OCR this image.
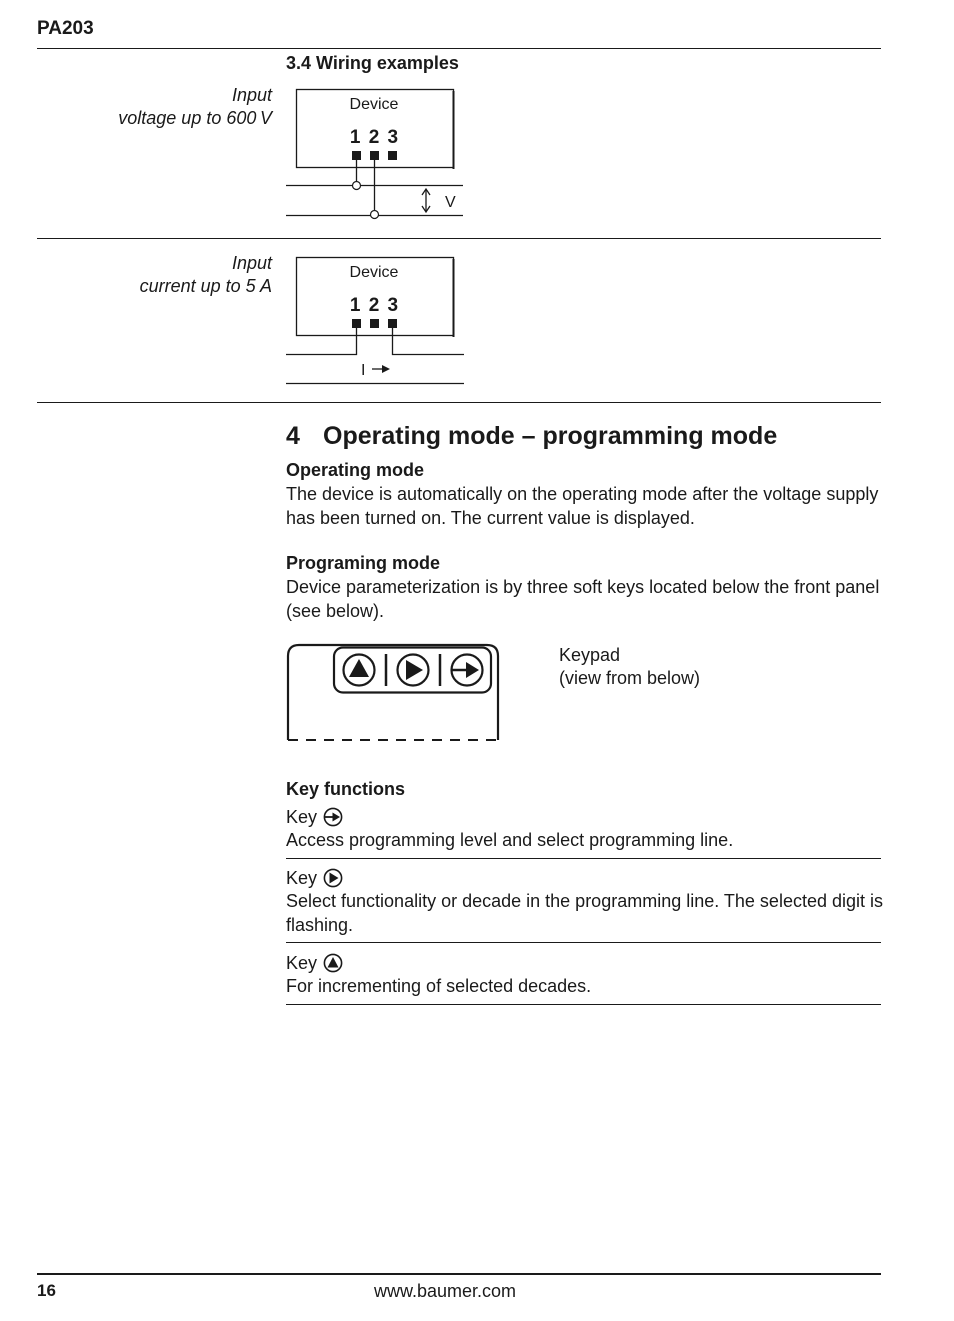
PA203
3.4 Wiring examples
Input
voltage up to 600 V
Device
1 2 3
V
Input
current up to 5 A
Device
1 2 3
I
4 Operating mode – programming mode
Operating mode
The device is automatically on the operating mode after the voltage supply has been turned on. The current value is displayed.
Programing mode
Device parameterization is by three soft keys located below the front panel (see below).
Keypad
(view from below)
Key functions
Key
Access programming level and select programming line.
Key
Select functionality or decade in the programming line. The selected digit is flashing.
Key
For incrementing of selected decades.
16	www.baumer.com
